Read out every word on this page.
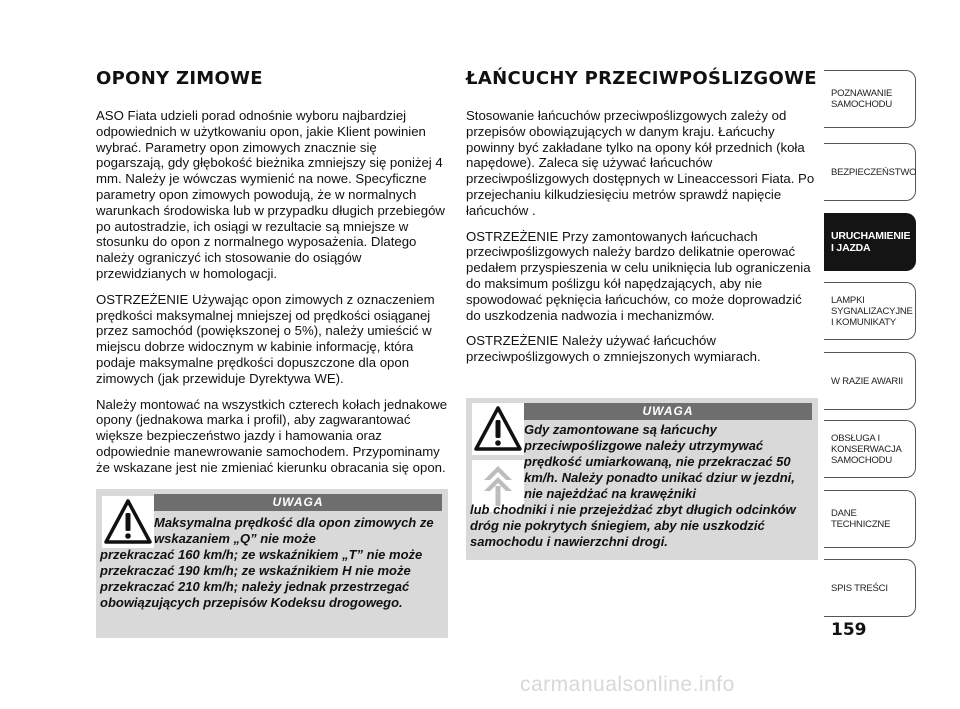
OPONY ZIMOWE

ASO Fiata udzieli porad odnośnie wyboru najbardziej odpowiednich w użytkowaniu opon, jakie Klient powinien wybrać. Parametry opon zimowych znacznie się pogarszają, gdy głębokość bieżnika zmniejszy się poniżej 4 mm. Należy je wówczas wymienić na nowe. Specyficzne parametry opon zimowych powodują, że w normalnych warunkach środowiska lub w przypadku długich przebiegów po autostradzie, ich osiągi w rezultacie są mniejsze w stosunku do opon z normalnego wyposażenia. Dlatego należy ograniczyć ich stosowanie do osiągów przewidzianych w homologacji.

OSTRZEŻENIE Używając opon zimowych z oznaczeniem prędkości maksymalnej mniejszej od prędkości osiąganej przez samochód (powiększonej o 5%), należy umieścić w miejscu dobrze widocznym w kabinie informację, która podaje maksymalne prędkości dopuszczone dla opon zimowych (jak przewiduje Dyrektywa WE).

Należy montować na wszystkich czterech kołach jednakowe opony (jednakowa marka i profil), aby zagwarantować większe bezpieczeństwo jazdy i hamowania oraz odpowiednie manewrowanie samochodem. Przypominamy że wskazane jest nie zmieniać kierunku obracania się opon.

UWAGA
Maksymalna prędkość dla opon zimowych ze wskazaniem „Q” nie może
przekraczać 160 km/h; ze wskaźnikiem „T” nie może przekraczać 190 km/h; ze wskaźnikiem H nie może przekraczać 210 km/h; należy jednak przestrzegać obowiązujących przepisów Kodeksu drogowego.
ŁAŃCUCHY PRZECIWPOŚLIZGOWE

Stosowanie łańcuchów przeciwpoślizgowych zależy od przepisów obowiązujących w danym kraju. Łańcuchy powinny być zakładane tylko na opony kół przednich (koła napędowe). Zaleca się używać łańcuchów przeciwpoślizgowych dostępnych w Lineaccessori Fiata. Po przejechaniu kilkudziesięciu metrów sprawdź napięcie łańcuchów .

OSTRZEŻENIE Przy zamontowanych łańcuchach przeciwpoślizgowych należy bardzo delikatnie operować pedałem przyspieszenia w celu uniknięcia lub ograniczenia do maksimum poślizgu kół napędzających, aby nie spowodować pęknięcia łańcuchów, co może doprowadzić do uszkodzenia nadwozia i mechanizmów.

OSTRZEŻENIE Należy używać łańcuchów przeciwpoślizgowych o zmniejszonych wymiarach.

UWAGA
Gdy zamontowane są łańcuchy przeciwpoślizgowe należy utrzymywać prędkość umiarkowaną, nie przekraczać 50 km/h. Należy ponadto unikać dziur w jezdni, nie najeżdżać na krawężniki
lub chodniki i nie przejeżdżać zbyt długich odcinków dróg nie pokrytych śniegiem, aby nie uszkodzić samochodu i nawierzchni drogi.
POZNAWANIE
SAMOCHODU
BEZPIECZEŃSTWO
URUCHAMIENIE
I JAZDA
LAMPKI
SYGNALIZACYJNE
I KOMUNIKATY
W RAZIE AWARII
OBSŁUGA I
KONSERWACJA
SAMOCHODU
DANE TECHNICZNE
SPIS TREŚCI
159
carmanualsonline.info
